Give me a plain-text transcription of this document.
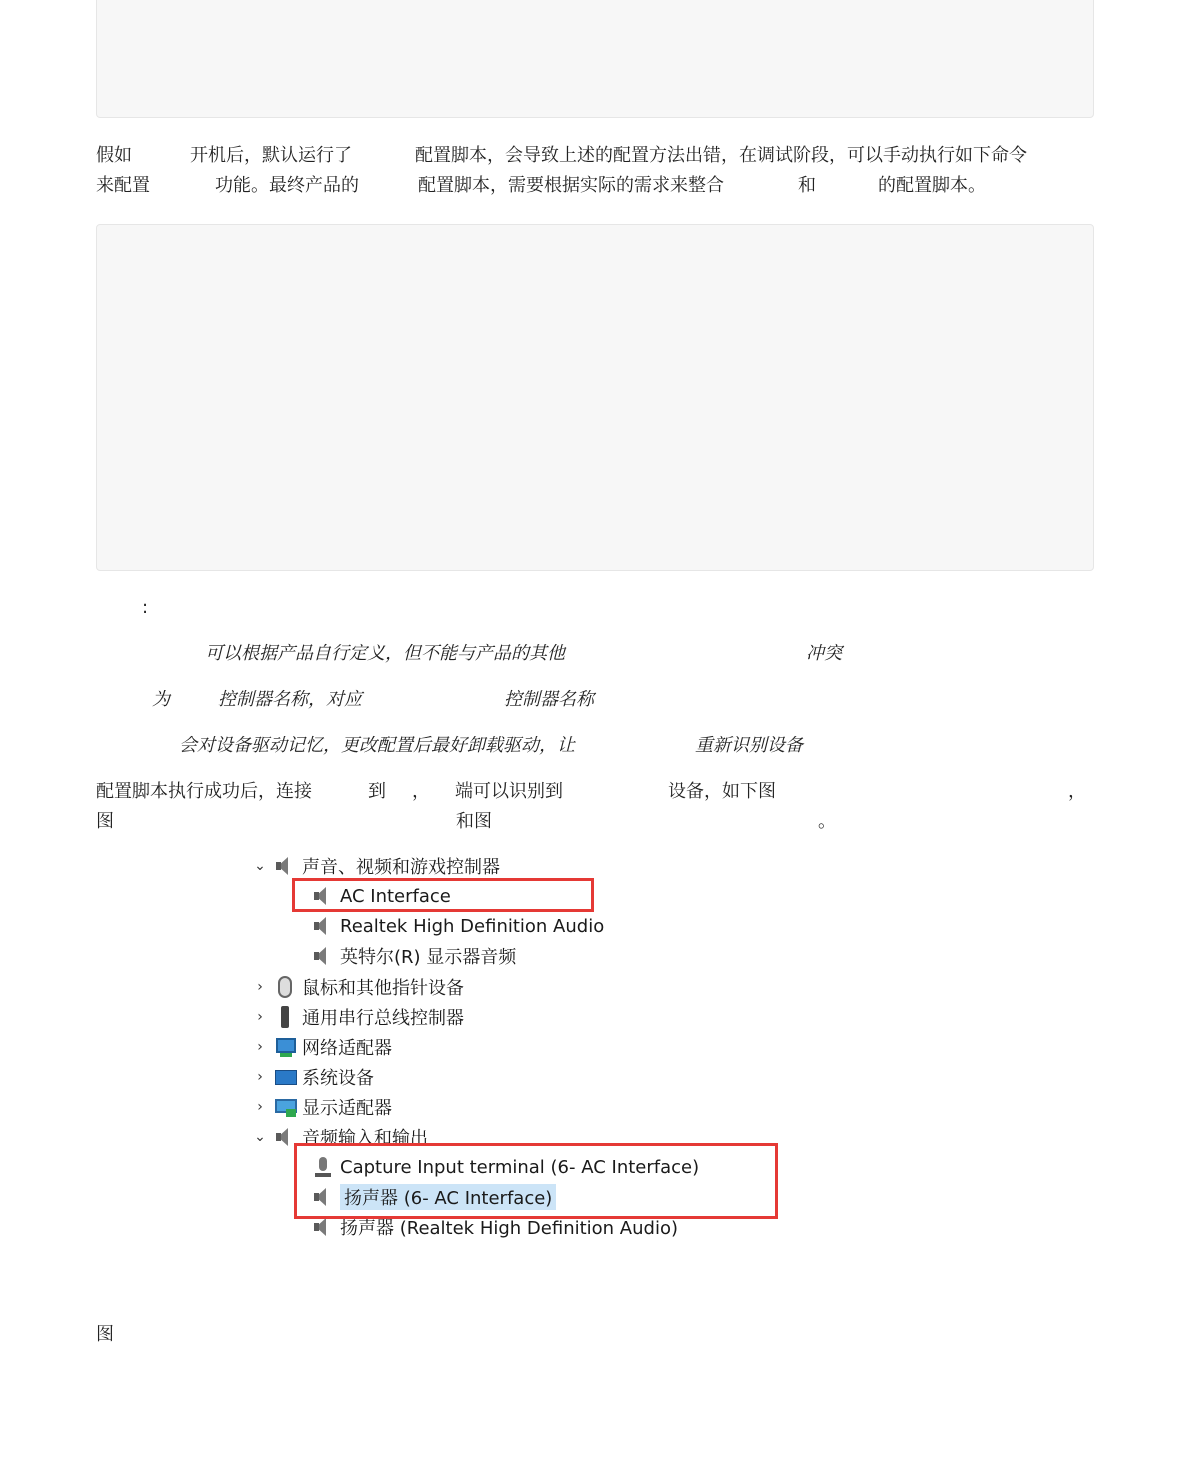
假如	开机后，默认运行了	配置脚本，会导致上述的配置方法出错，在调试阶段，可以手动执行如下命令
来配置	功能。最终产品的	配置脚本，需要根据实际的需求来整合	和	的配置脚本。
:
可以根据产品自行定义，但不能与产品的其他	冲突
为	控制器名称，对应	控制器名称
会对设备驱动记忆，更改配置后最好卸载驱动，让	重新识别设备
配置脚本执行成功后，连接	到 ， 端可以识别到	设备，如下图	，
图	和图	。
⌄ 声音、视频和游戏控制器
AC Interface
Realtek High Definition Audio
英特尔(R) 显示器音频
›	鼠标和其他指针设备
›	通用串行总线控制器
›	网络适配器
›	系统设备
›	显示适配器
⌄ 音频输入和输出
Capture Input terminal (6- AC Interface)
扬声器 (6- AC Interface)
扬声器 (Realtek High Definition Audio)
图
